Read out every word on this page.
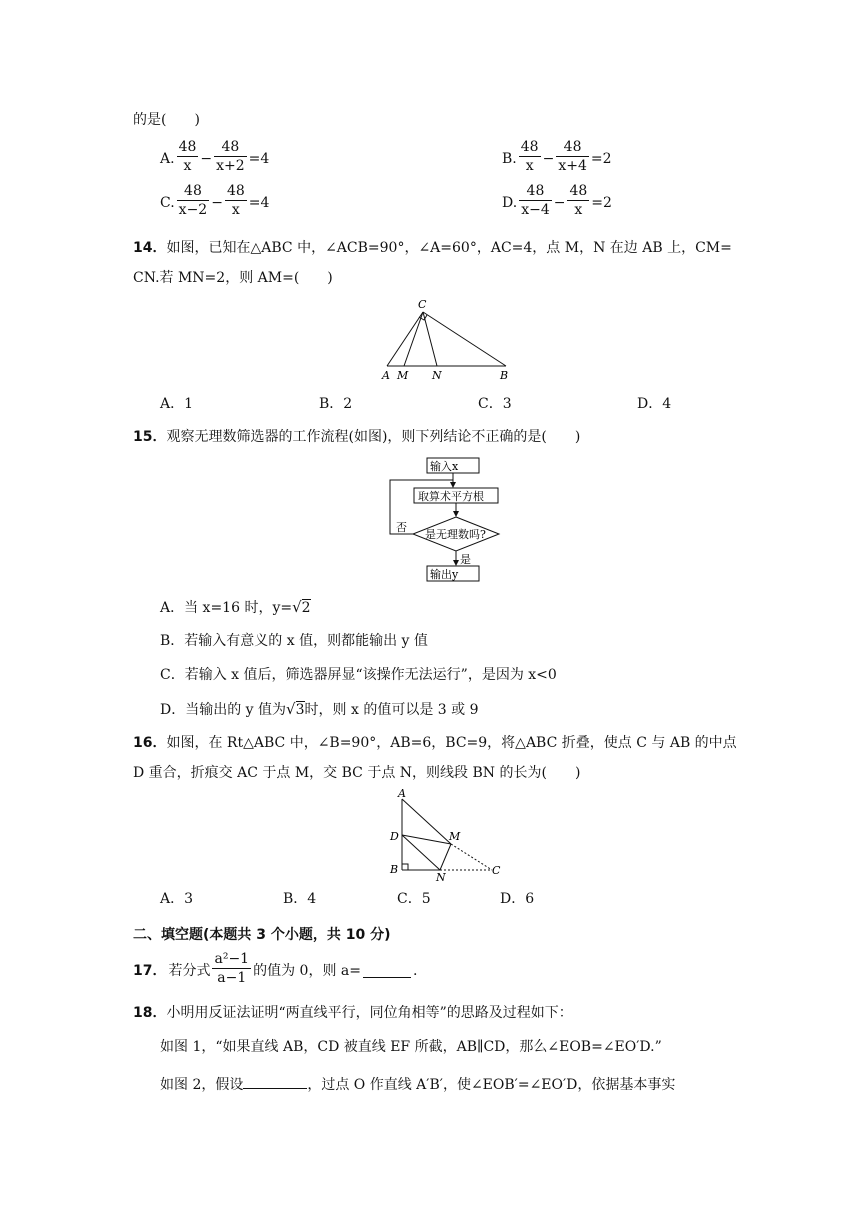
的是(　　)
A. $\frac{48}{x} - \frac{48}{x+2} =4$	B. $\frac{48}{x} - \frac{48}{x+4} =2$
C. $\frac{48}{x-2} - \frac{48}{x} =4$	D. $\frac{48}{x-4} - \frac{48}{x} =2$
14．如图，已知在△ABC 中，∠ACB=90°，∠A=60°，AC=4，点 M，N 在边 AB 上，CM=
CN.若 MN=2，则 AM=(　　)
C
A M N	B
A．1	B．2	C．3	D．4
15．观察无理数筛选器的工作流程(如图)，则下列结论不正确的是(　　)
输入x
取算术平方根
是无理数吗?
否
是
输出y
A．当 x=16 时，y=√2
B．若输入有意义的 x 值，则都能输出 y 值
C．若输入 x 值后，筛选器屏显“该操作无法运行”，是因为 x<0
D．当输出的 y 值为√3时，则 x 的值可以是 3 或 9
16．如图，在 Rt△ABC 中，∠B=90°，AB=6，BC=9，将△ABC 折叠，使点 C 与 AB 的中点
D 重合，折痕交 AC 于点 M，交 BC 于点 N，则线段 BN 的长为(　　)
A
D
B
M
N
C
A．3	B．4	C．5	D．6
二、填空题(本题共 3 个小题，共 10 分)
17． 若分式 $\frac{\text{a²−1}}{a-1}$ 的值为 0，则 a=	.
18．小明用反证法证明“两直线平行，同位角相等”的思路及过程如下：
如图 1，“如果直线 AB，CD 被直线 EF 所截，AB∥CD，那么∠EOB=∠EO′D.”
如图 2，假设	，过点 O 作直线 A′B′，使∠EOB′=∠EO′D，依据基本事实
